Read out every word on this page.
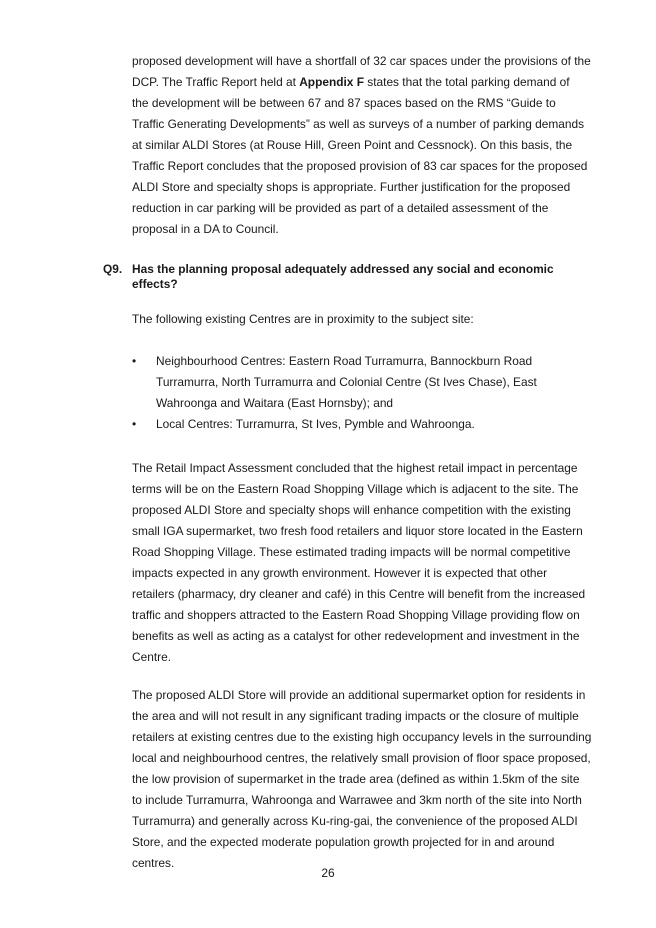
proposed development will have a shortfall of 32 car spaces under the provisions of the
DCP. The Traffic Report held at Appendix F states that the total parking demand of
the development will be between 67 and 87 spaces based on the RMS “Guide to
Traffic Generating Developments” as well as surveys of a number of parking demands
at similar ALDI Stores (at Rouse Hill, Green Point and Cessnock). On this basis, the
Traffic Report concludes that the proposed provision of 83 car spaces for the proposed
ALDI Store and specialty shops is appropriate. Further justification for the proposed
reduction in car parking will be provided as part of a detailed assessment of the
proposal in a DA to Council.

Q9. Has the planning proposal adequately addressed any social and economic effects?

The following existing Centres are in proximity to the subject site:

• Neighbourhood Centres: Eastern Road Turramurra, Bannockburn Road
Turramurra, North Turramurra and Colonial Centre (St Ives Chase), East
Wahroonga and Waitara (East Hornsby); and
• Local Centres: Turramurra, St Ives, Pymble and Wahroonga.

The Retail Impact Assessment concluded that the highest retail impact in percentage
terms will be on the Eastern Road Shopping Village which is adjacent to the site. The
proposed ALDI Store and specialty shops will enhance competition with the existing
small IGA supermarket, two fresh food retailers and liquor store located in the Eastern
Road Shopping Village. These estimated trading impacts will be normal competitive
impacts expected in any growth environment. However it is expected that other
retailers (pharmacy, dry cleaner and café) in this Centre will benefit from the increased
traffic and shoppers attracted to the Eastern Road Shopping Village providing flow on
benefits as well as acting as a catalyst for other redevelopment and investment in the
Centre.

The proposed ALDI Store will provide an additional supermarket option for residents in
the area and will not result in any significant trading impacts or the closure of multiple
retailers at existing centres due to the existing high occupancy levels in the surrounding
local and neighbourhood centres, the relatively small provision of floor space proposed,
the low provision of supermarket in the trade area (defined as within 1.5km of the site
to include Turramurra, Wahroonga and Warrawee and 3km north of the site into North
Turramurra) and generally across Ku-ring-gai, the convenience of the proposed ALDI
Store, and the expected moderate population growth projected for in and around
centres.

26
